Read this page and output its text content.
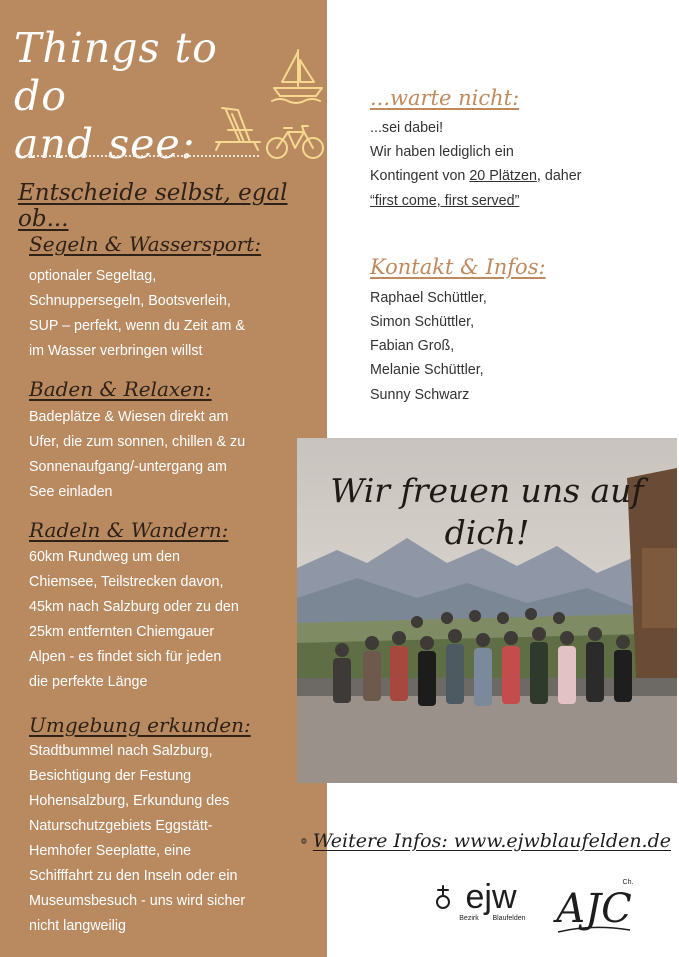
Things to do
and see:
Entscheide selbst, egal ob...
Segeln & Wassersport:
optionaler Segeltag,
Schnuppersegeln, Bootsverleih,
SUP – perfekt, wenn du Zeit am &
im Wasser verbringen willst
Baden & Relaxen:
Badeplätze & Wiesen direkt am
Ufer, die zum sonnen, chillen & zu
Sonnenaufgang/-untergang am
See einladen
Radeln & Wandern:
60km Rundweg um den
Chiemsee, Teilstrecken davon,
45km nach Salzburg oder zu den
25km entfernten Chiemgauer
Alpen - es findet sich für jeden
die perfekte Länge
Umgebung erkunden:
Stadtbummel nach Salzburg,
Besichtigung der Festung
Hohensalzburg, Erkundung des
Naturschutzgebiets Eggstätt-
Hemhofer Seeplatte, eine
Schifffahrt zu den Inseln oder ein
Museumsbesuch - uns wird sicher
nicht langweilig
...warte nicht:
...sei dabei!
Wir haben lediglich ein
Kontingent von 20 Plätzen, daher
“first come, first served”
Kontakt & Infos:
Raphael Schüttler,
Simon Schüttler,
Fabian Groß,
Melanie Schüttler,
Sunny Schwarz
Wir freuen uns auf
dich!
Weitere Infos: www.ejwblaufelden.de
ejw
Bezirk Blaufelden AJC
Ch.
